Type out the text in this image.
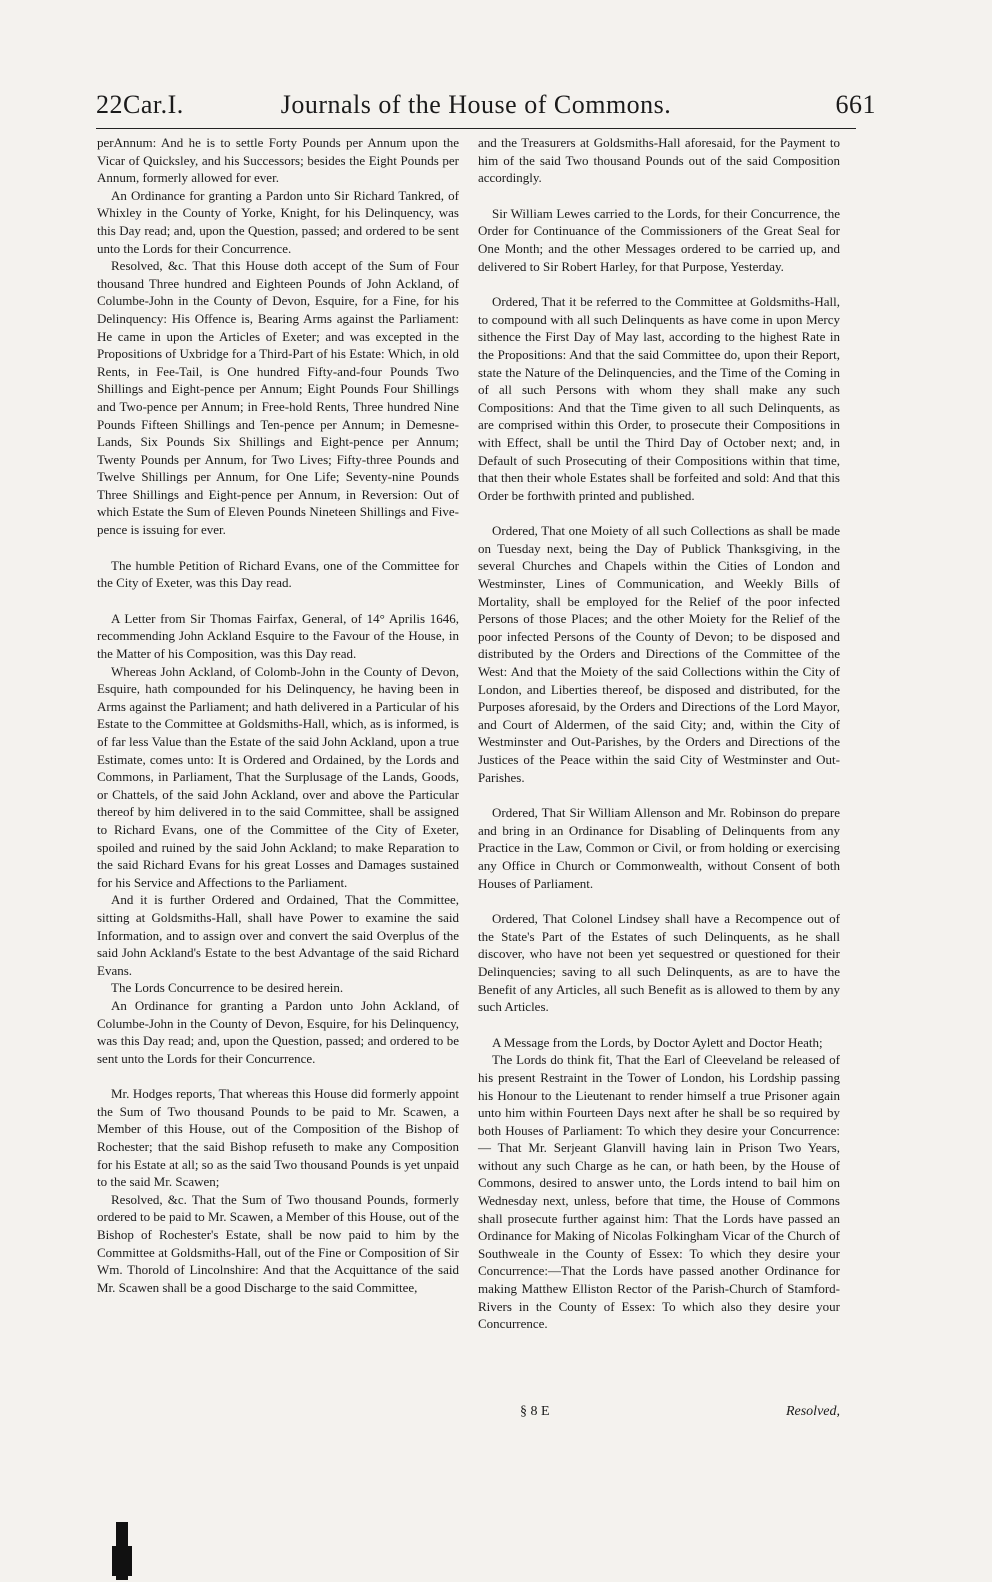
22Car.I.	Journals of the House of Commons.	661

perAnnum: And he is to settle Forty Pounds per Annum upon the Vicar of Quicksley, and his Successors; besides the Eight Pounds per Annum, formerly allowed for ever.

An Ordinance for granting a Pardon unto Sir Richard Tankred, of Whixley in the County of Yorke, Knight, for his Delinquency, was this Day read; and, upon the Question, passed; and ordered to be sent unto the Lords for their Concurrence.

Resolved, &c. That this House doth accept of the Sum of Four thousand Three hundred and Eighteen Pounds of John Ackland, of Columbe-John in the County of Devon, Esquire, for a Fine, for his Delinquency: His Offence is, Bearing Arms against the Parliament: He came in upon the Articles of Exeter; and was excepted in the Propositions of Uxbridge for a Third-Part of his Estate: Which, in old Rents, in Fee-Tail, is One hundred Fifty-and-four Pounds Two Shillings and Eight-pence per Annum; Eight Pounds Four Shillings and Two-pence per Annum; in Free-hold Rents, Three hundred Nine Pounds Fifteen Shillings and Ten-pence per Annum; in Demesne-Lands, Six Pounds Six Shillings and Eight-pence per Annum; Twenty Pounds per Annum, for Two Lives; Fifty-three Pounds and Twelve Shillings per Annum, for One Life; Seventy-nine Pounds Three Shillings and Eight-pence per Annum, in Reversion: Out of which Estate the Sum of Eleven Pounds Nineteen Shillings and Five-pence is issuing for ever.

The humble Petition of Richard Evans, one of the Committee for the City of Exeter, was this Day read.

A Letter from Sir Thomas Fairfax, General, of 14° Aprilis 1646, recommending John Ackland Esquire to the Favour of the House, in the Matter of his Composition, was this Day read.

Whereas John Ackland, of Colomb-John in the County of Devon, Esquire, hath compounded for his Delinquency, he having been in Arms against the Parliament; and hath delivered in a Particular of his Estate to the Committee at Goldsmiths-Hall, which, as is informed, is of far less Value than the Estate of the said John Ackland, upon a true Estimate, comes unto: It is Ordered and Ordained, by the Lords and Commons, in Parliament, That the Surplusage of the Lands, Goods, or Chattels, of the said John Ackland, over and above the Particular thereof by him delivered in to the said Committee, shall be assigned to Richard Evans, one of the Committee of the City of Exeter, spoiled and ruined by the said John Ackland; to make Reparation to the said Richard Evans for his great Losses and Damages sustained for his Service and Affections to the Parliament.

And it is further Ordered and Ordained, That the Committee, sitting at Goldsmiths-Hall, shall have Power to examine the said Information, and to assign over and convert the said Overplus of the said John Ackland's Estate to the best Advantage of the said Richard Evans.

The Lords Concurrence to be desired herein.

An Ordinance for granting a Pardon unto John Ackland, of Columbe-John in the County of Devon, Esquire, for his Delinquency, was this Day read; and, upon the Question, passed; and ordered to be sent unto the Lords for their Concurrence.

Mr. Hodges reports, That whereas this House did formerly appoint the Sum of Two thousand Pounds to be paid to Mr. Scawen, a Member of this House, out of the Composition of the Bishop of Rochester; that the said Bishop refuseth to make any Composition for his Estate at all; so as the said Two thousand Pounds is yet unpaid to the said Mr. Scawen;

Resolved, &c. That the Sum of Two thousand Pounds, formerly ordered to be paid to Mr. Scawen, a Member of this House, out of the Bishop of Rochester's Estate, shall be now paid to him by the Committee at Goldsmiths-Hall, out of the Fine or Composition of Sir Wm. Thorold of Lincolnshire: And that the Acquittance of the said Mr. Scawen shall be a good Discharge to the said Committee,

and the Treasurers at Goldsmiths-Hall aforesaid, for the Payment to him of the said Two thousand Pounds out of the said Composition accordingly.

Sir William Lewes carried to the Lords, for their Concurrence, the Order for Continuance of the Commissioners of the Great Seal for One Month; and the other Messages ordered to be carried up, and delivered to Sir Robert Harley, for that Purpose, Yesterday.

Ordered, That it be referred to the Committee at Goldsmiths-Hall, to compound with all such Delinquents as have come in upon Mercy sithence the First Day of May last, according to the highest Rate in the Propositions: And that the said Committee do, upon their Report, state the Nature of the Delinquencies, and the Time of the Coming in of all such Persons with whom they shall make any such Compositions: And that the Time given to all such Delinquents, as are comprised within this Order, to prosecute their Compositions in with Effect, shall be until the Third Day of October next; and, in Default of such Prosecuting of their Compositions within that time, that then their whole Estates shall be forfeited and sold: And that this Order be forthwith printed and published.

Ordered, That one Moiety of all such Collections as shall be made on Tuesday next, being the Day of Publick Thanksgiving, in the several Churches and Chapels within the Cities of London and Westminster, Lines of Communication, and Weekly Bills of Mortality, shall be employed for the Relief of the poor infected Persons of those Places; and the other Moiety for the Relief of the poor infected Persons of the County of Devon; to be disposed and distributed by the Orders and Directions of the Committee of the West: And that the Moiety of the said Collections within the City of London, and Liberties thereof, be disposed and distributed, for the Purposes aforesaid, by the Orders and Directions of the Lord Mayor, and Court of Aldermen, of the said City; and, within the City of Westminster and Out-Parishes, by the Orders and Directions of the Justices of the Peace within the said City of Westminster and Out-Parishes.

Ordered, That Sir William Allenson and Mr. Robinson do prepare and bring in an Ordinance for Disabling of Delinquents from any Practice in the Law, Common or Civil, or from holding or exercising any Office in Church or Commonwealth, without Consent of both Houses of Parliament.

Ordered, That Colonel Lindsey shall have a Recompence out of the State's Part of the Estates of such Delinquents, as he shall discover, who have not been yet sequestred or questioned for their Delinquencies; saving to all such Delinquents, as are to have the Benefit of any Articles, all such Benefit as is allowed to them by any such Articles.

A Message from the Lords, by Doctor Aylett and Doctor Heath;

The Lords do think fit, That the Earl of Cleeveland be released of his present Restraint in the Tower of London, his Lordship passing his Honour to the Lieutenant to render himself a true Prisoner again unto him within Fourteen Days next after he shall be so required by both Houses of Parliament: To which they desire your Concurrence:— That Mr. Serjeant Glanvill having lain in Prison Two Years, without any such Charge as he can, or hath been, by the House of Commons, desired to answer unto, the Lords intend to bail him on Wednesday next, unless, before that time, the House of Commons shall prosecute further against him: That the Lords have passed an Ordinance for Making of Nicolas Folkingham Vicar of the Church of Southweale in the County of Essex: To which they desire your Concurrence:—That the Lords have passed another Ordinance for making Matthew Elliston Rector of the Parish-Church of Stamford-Rivers in the County of Essex: To which also they desire your Concurrence.

§ 8 E	Resolved,
